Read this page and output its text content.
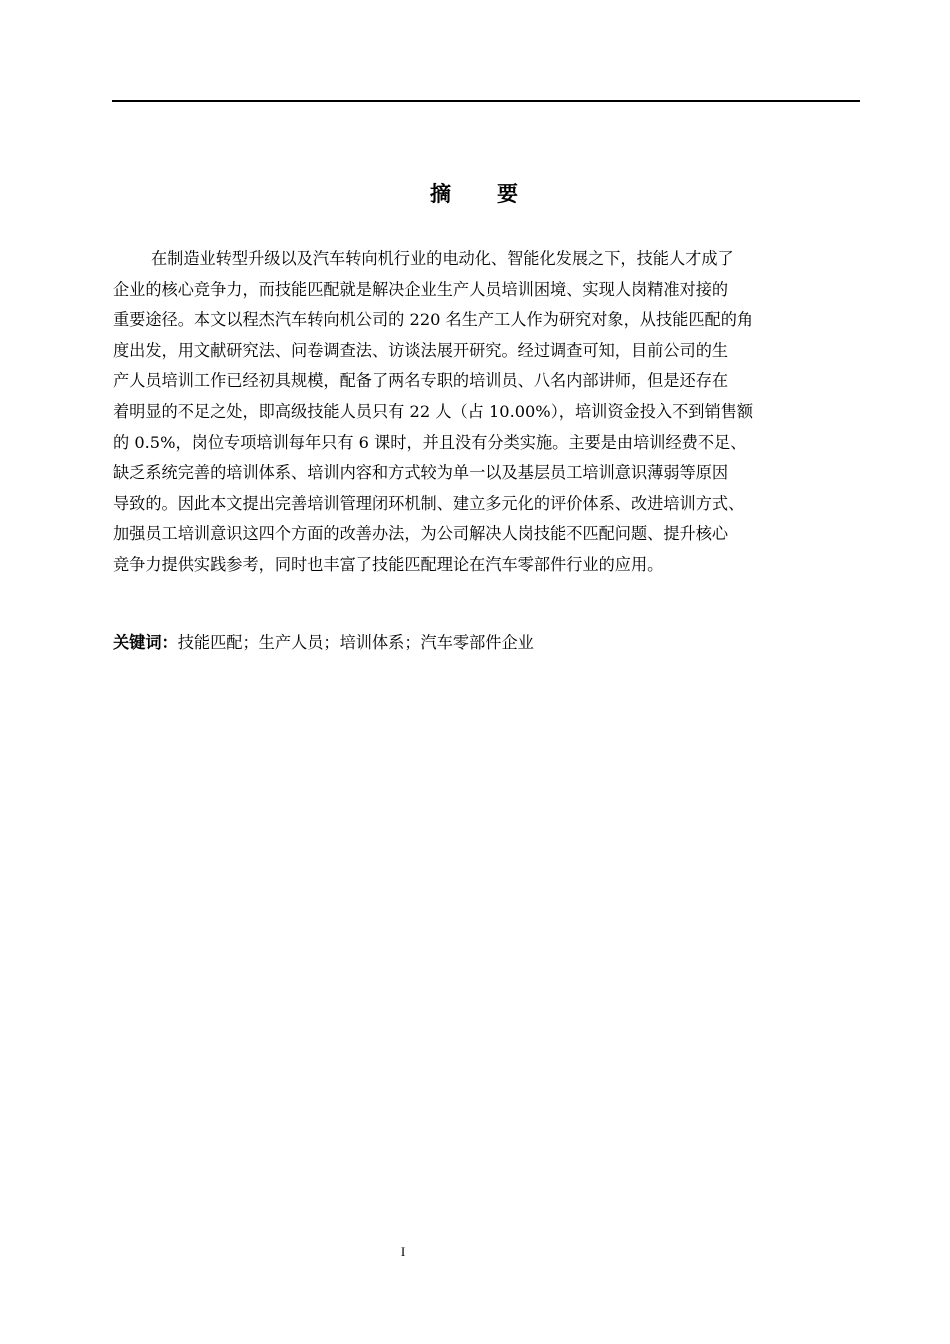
摘 要
在制造业转型升级以及汽车转向机行业的电动化、智能化发展之下，技能人才成了
企业的核心竞争力，而技能匹配就是解决企业生产人员培训困境、实现人岗精准对接的
重要途径。本文以程杰汽车转向机公司的 220 名生产工人作为研究对象，从技能匹配的角
度出发，用文献研究法、问卷调查法、访谈法展开研究。经过调查可知，目前公司的生
产人员培训工作已经初具规模，配备了两名专职的培训员、八名内部讲师，但是还存在
着明显的不足之处，即高级技能人员只有 22 人（占 10.00%），培训资金投入不到销售额
的 0.5%，岗位专项培训每年只有 6 课时，并且没有分类实施。主要是由培训经费不足、
缺乏系统完善的培训体系、培训内容和方式较为单一以及基层员工培训意识薄弱等原因
导致的。因此本文提出完善培训管理闭环机制、建立多元化的评价体系、改进培训方式、
加强员工培训意识这四个方面的改善办法，为公司解决人岗技能不匹配问题、提升核心
竞争力提供实践参考，同时也丰富了技能匹配理论在汽车零部件行业的应用。
关键词：技能匹配；生产人员；培训体系；汽车零部件企业
I
